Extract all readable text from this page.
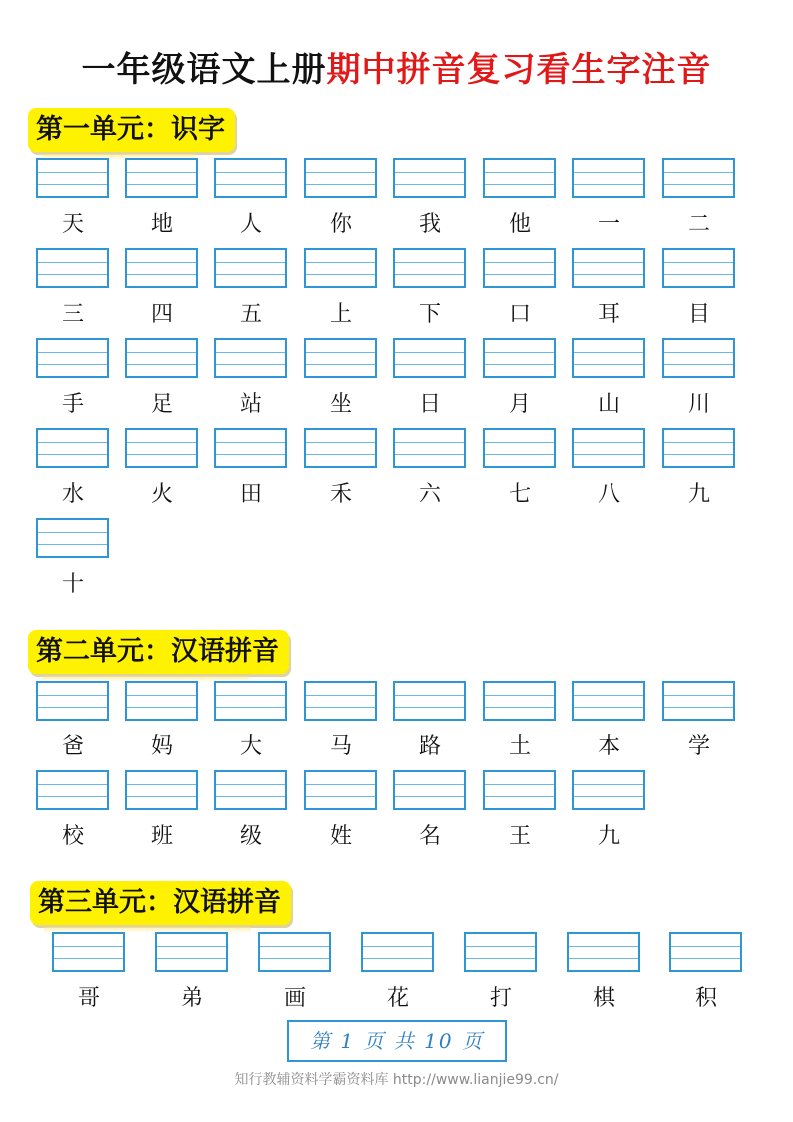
一年级语文上册期中拼音复习看生字注音
第一单元：识字
第二单元：汉语拼音
第三单元：汉语拼音
天	地	人	你	我	他	一	二
三	四	五	上	下	口	耳	目
手	足	站	坐	日	月	山	川
水	火	田	禾	六	七	八	九
十
爸	妈	大	马	路	土	本	学
校	班	级	姓	名	王	九
哥	弟	画	花	打	棋	积
第 1 页 共 10 页
知行教辅资料学霸资料库 http://www.lianjie99.cn/
